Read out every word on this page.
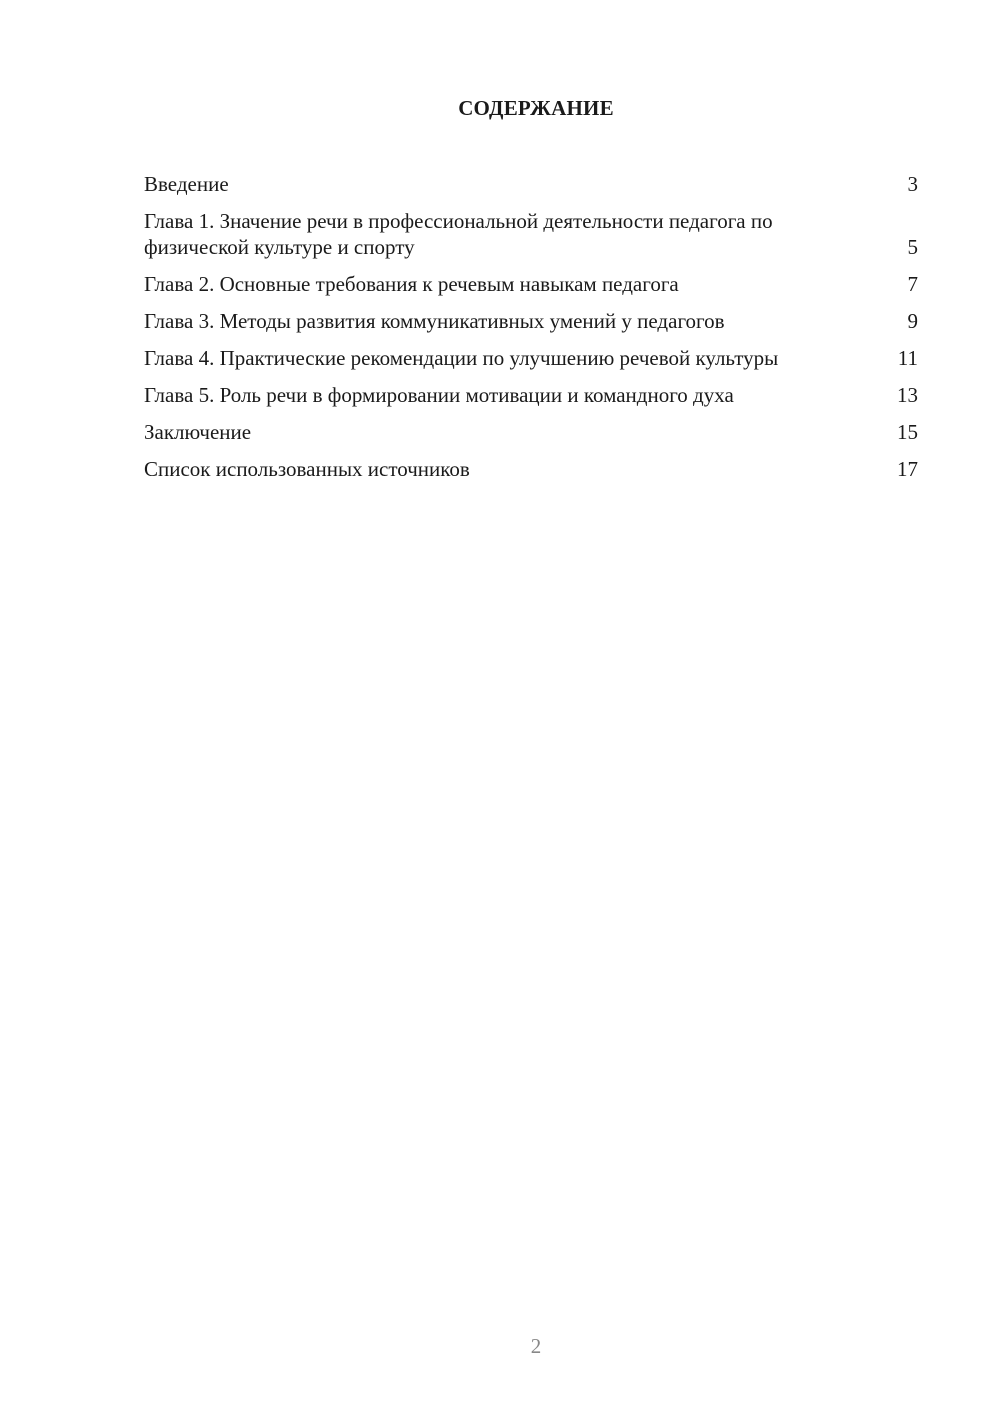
СОДЕРЖАНИЕ
Введение	3
Глава 1. Значение речи в профессиональной деятельности педагога по физической культуре и спорту	5
Глава 2. Основные требования к речевым навыкам педагога	7
Глава 3. Методы развития коммуникативных умений у педагогов	9
Глава 4. Практические рекомендации по улучшению речевой культуры	11
Глава 5. Роль речи в формировании мотивации и командного духа	13
Заключение	15
Список использованных источников	17
2
